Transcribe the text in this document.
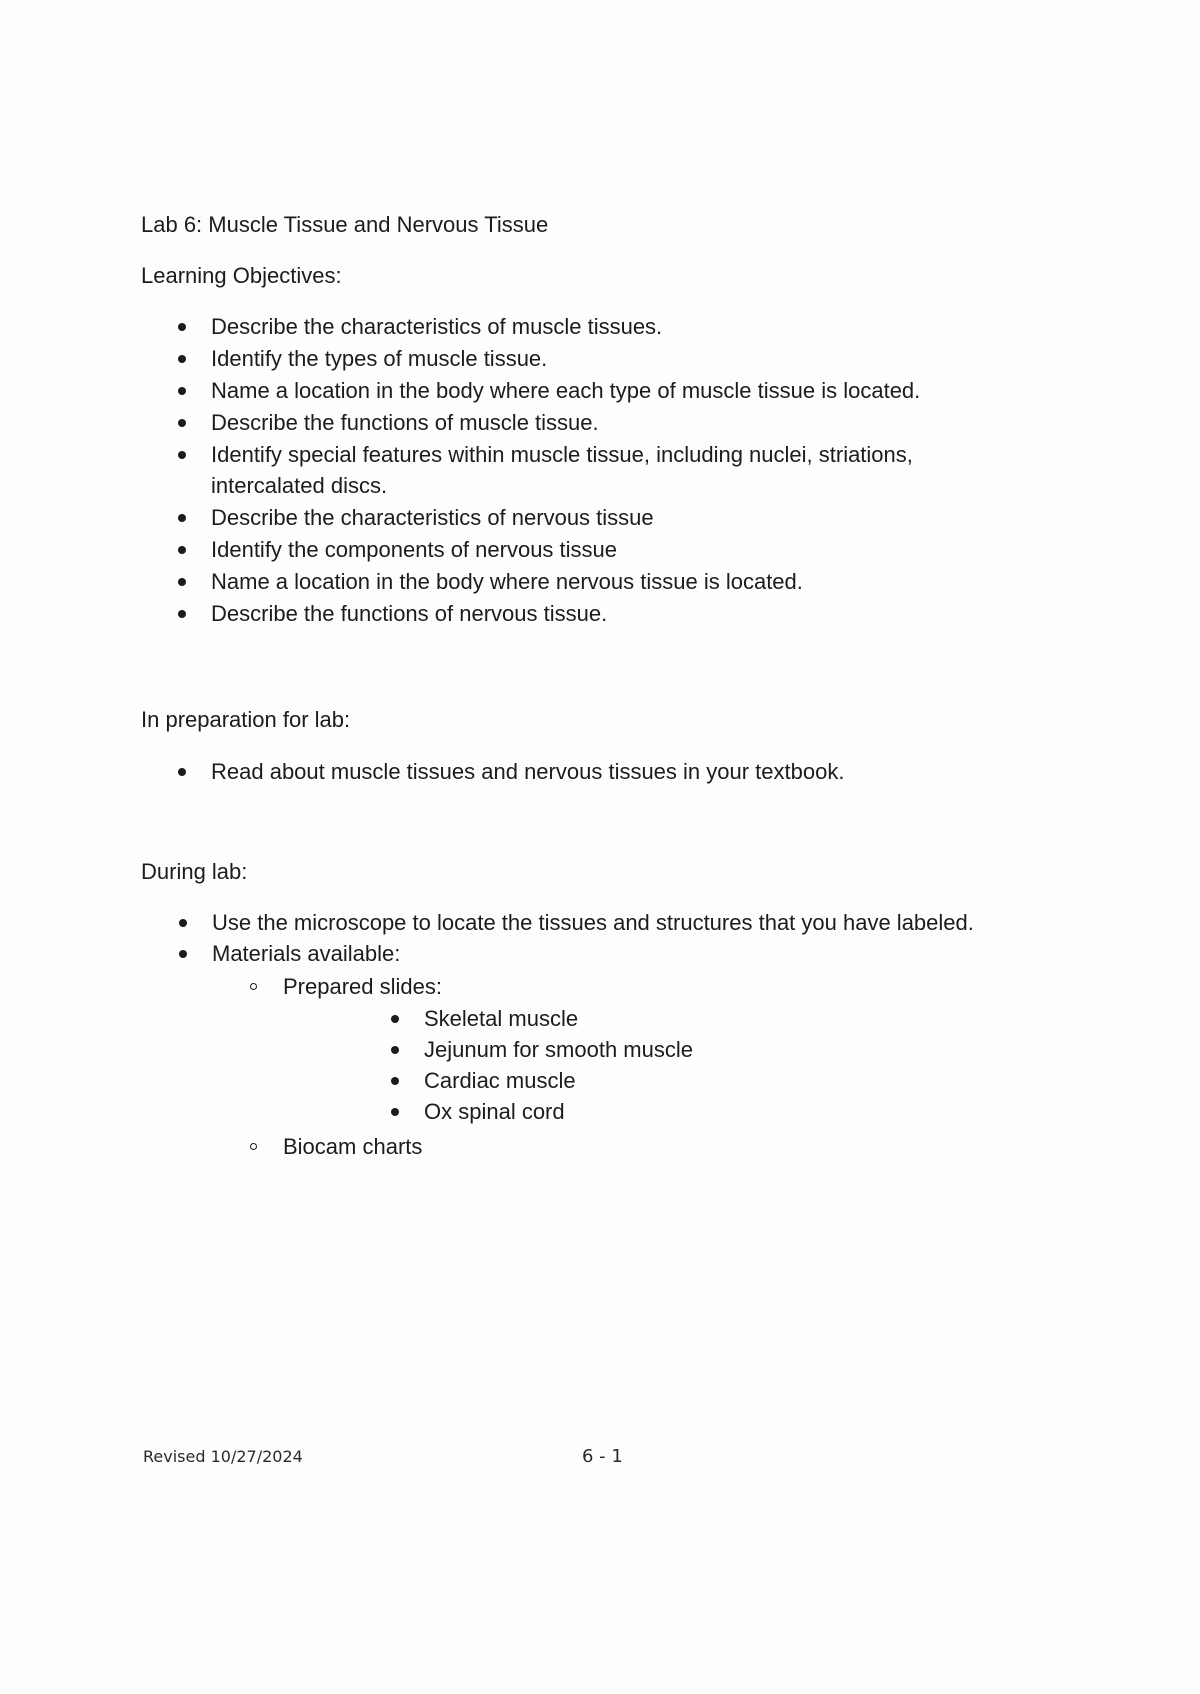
Lab 6: Muscle Tissue and Nervous Tissue
Learning Objectives:
Describe the characteristics of muscle tissues.
Identify the types of muscle tissue.
Name a location in the body where each type of muscle tissue is located.
Describe the functions of muscle tissue.
Identify special features within muscle tissue, including nuclei, striations,
intercalated discs.
Describe the characteristics of nervous tissue
Identify the components of nervous tissue
Name a location in the body where nervous tissue is located.
Describe the functions of nervous tissue.
In preparation for lab:
Read about muscle tissues and nervous tissues in your textbook.
During lab:
Use the microscope to locate the tissues and structures that you have labeled.
Materials available:
Prepared slides:
Skeletal muscle
Jejunum for smooth muscle
Cardiac muscle
Ox spinal cord
Biocam charts
Revised 10/27/2024	6 - 1
